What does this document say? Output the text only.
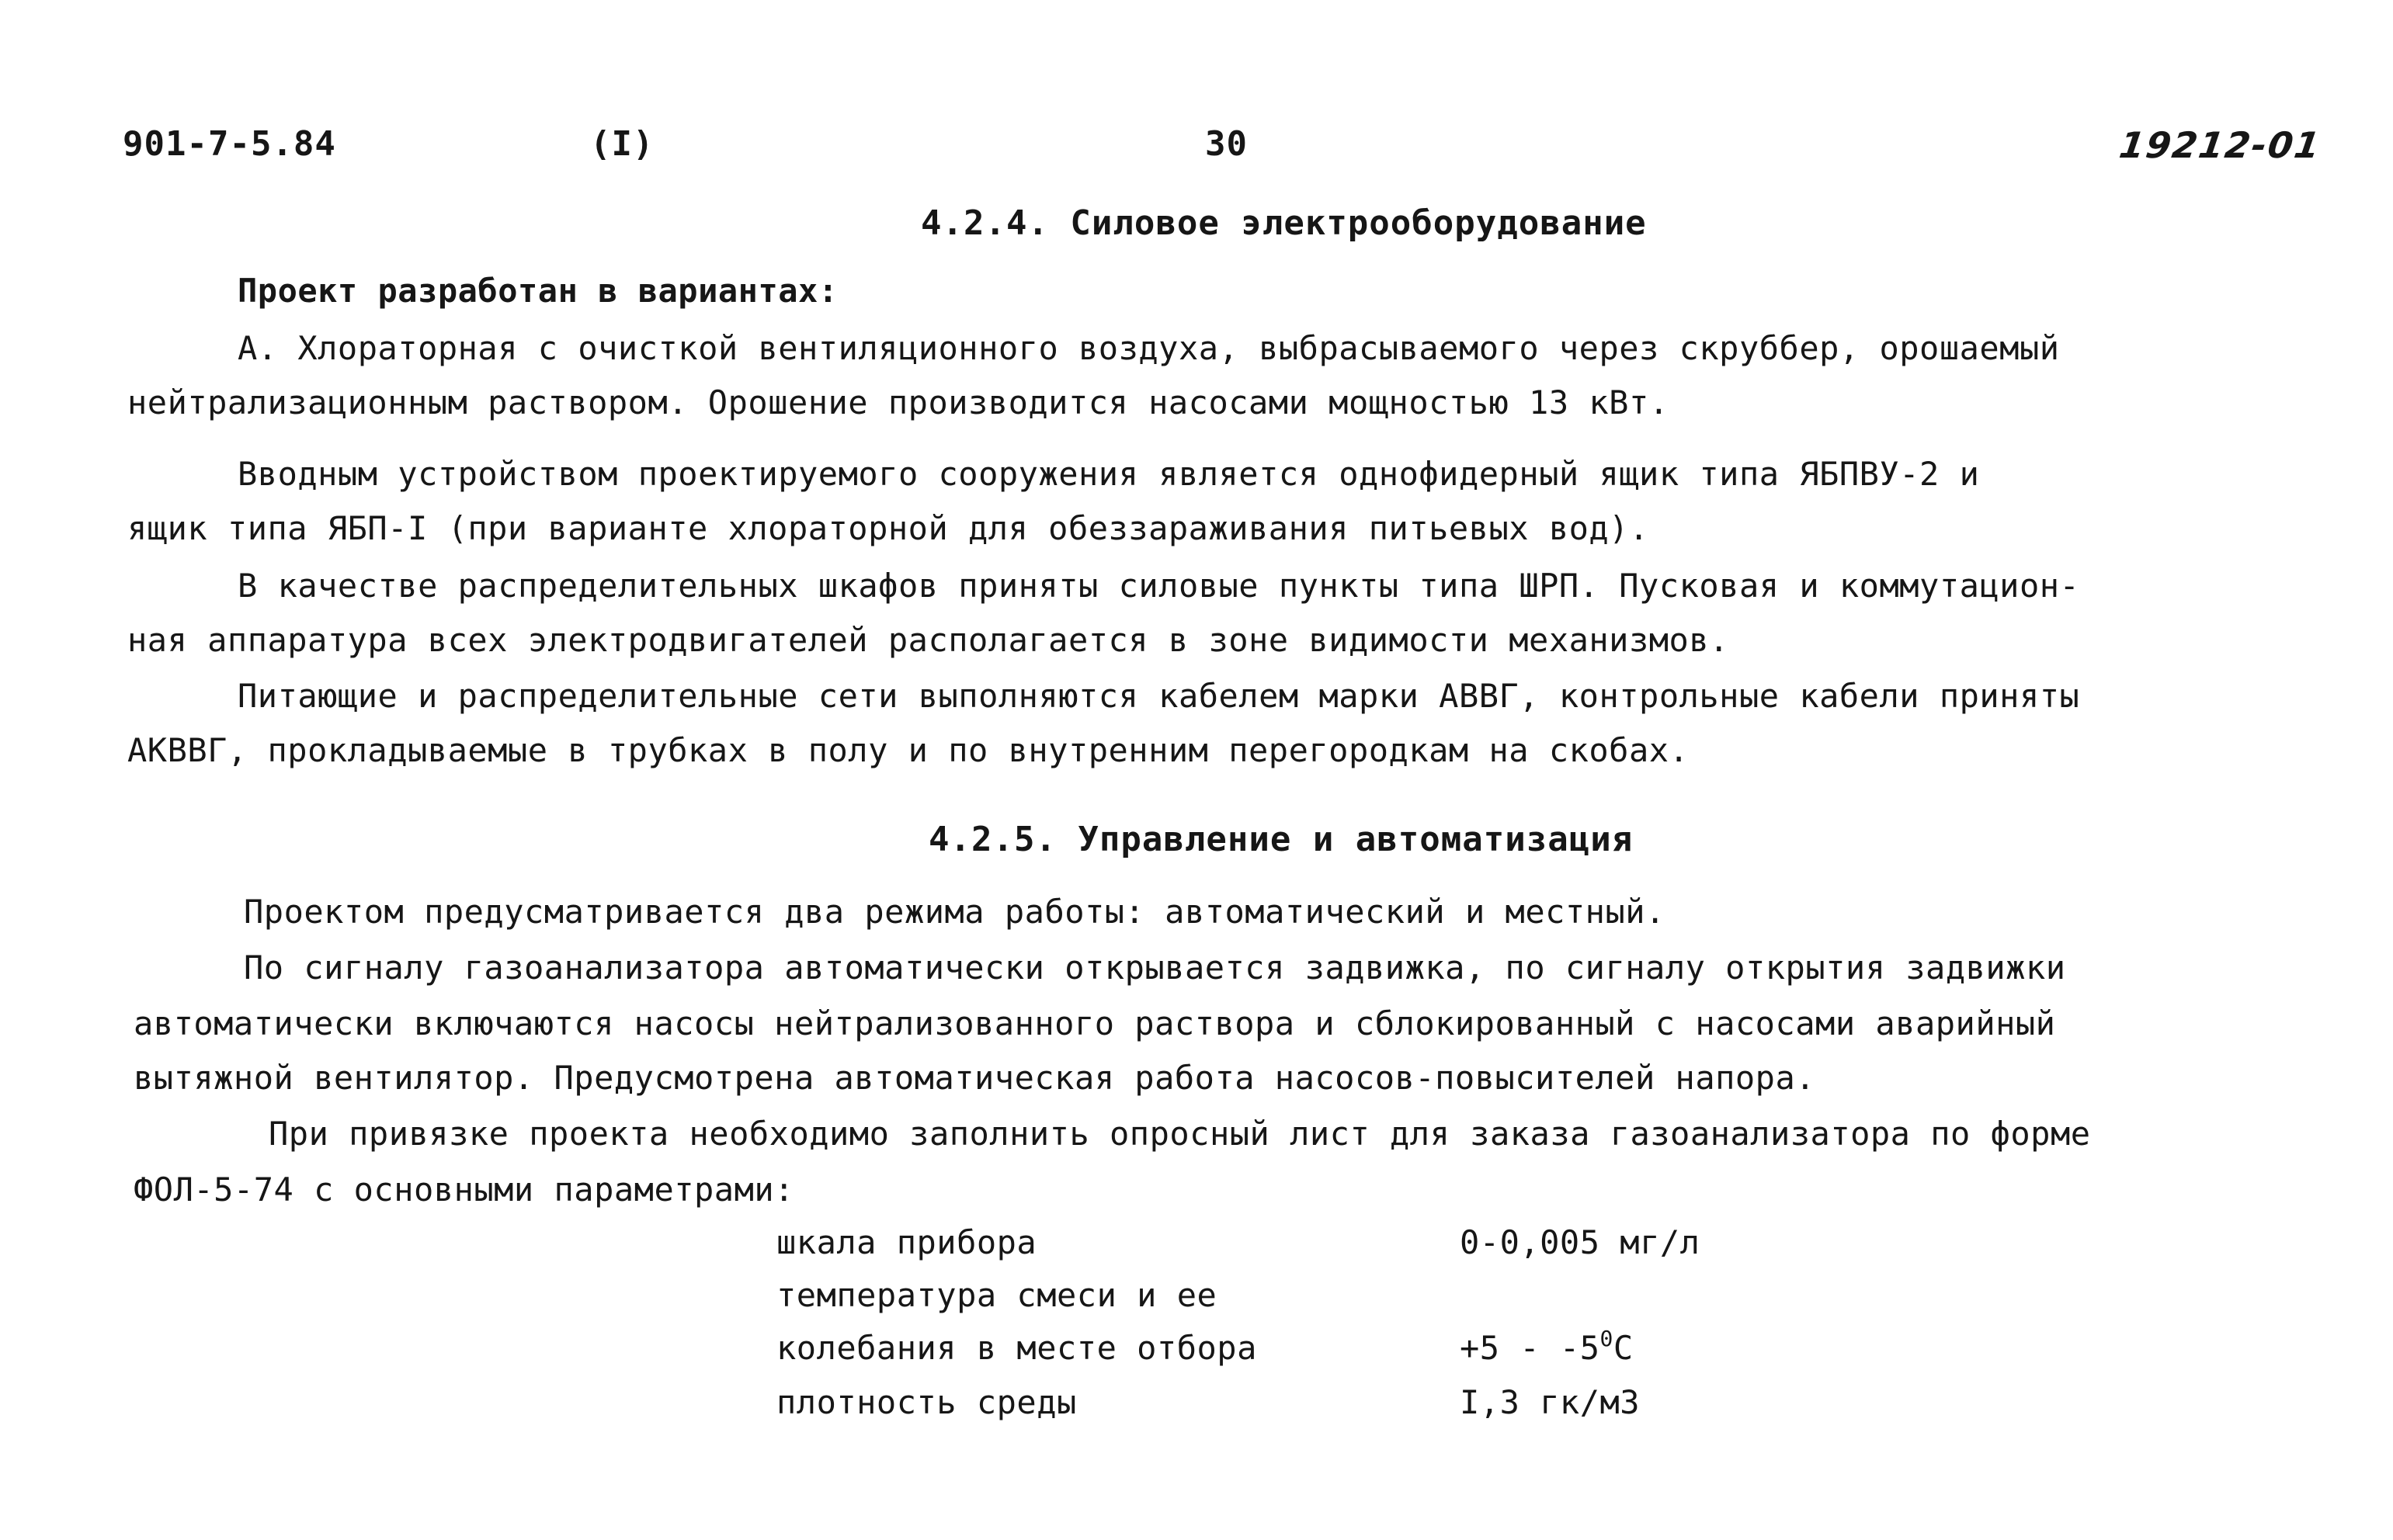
901-7-5.84	(I)	30	19212-01
4.2.4. Силовое электрооборудование
Проект разработан в вариантах:
А. Хлораторная с очисткой вентиляционного воздуха, выбрасываемого через скруббер, орошаемый
нейтрализационным раствором. Орошение производится насосами мощностью 13 кВт.
Вводным устройством проектируемого сооружения является однофидерный ящик типа ЯБПВУ-2 и
ящик типа ЯБП-I (при варианте хлораторной для обеззараживания питьевых вод).
В качестве распределительных шкафов приняты силовые пункты типа ШРП. Пусковая и коммутацион-
ная аппаратура всех электродвигателей располагается в зоне видимости механизмов.
Питающие и распределительные сети выполняются кабелем марки АВВГ, контрольные кабели приняты
АКВВГ, прокладываемые в трубках в полу и по внутренним перегородкам на скобах.
4.2.5. Управление и автоматизация
Проектом предусматривается два режима работы: автоматический и местный.
По сигналу газоанализатора автоматически открывается задвижка, по сигналу открытия задвижки
автоматически включаются насосы нейтрализованного раствора и сблокированный с насосами аварийный
вытяжной вентилятор. Предусмотрена автоматическая работа насосов-повысителей напора.
При привязке проекта необходимо заполнить опросный лист для заказа газоанализатора по форме
ФОЛ-5-74 с основными параметрами:
шкала прибора	0-0,005 мг/л
температура смеси и ее
колебания в месте отбора	$+5 - -5^0С$
плотность среды	I,3 гк/м3
